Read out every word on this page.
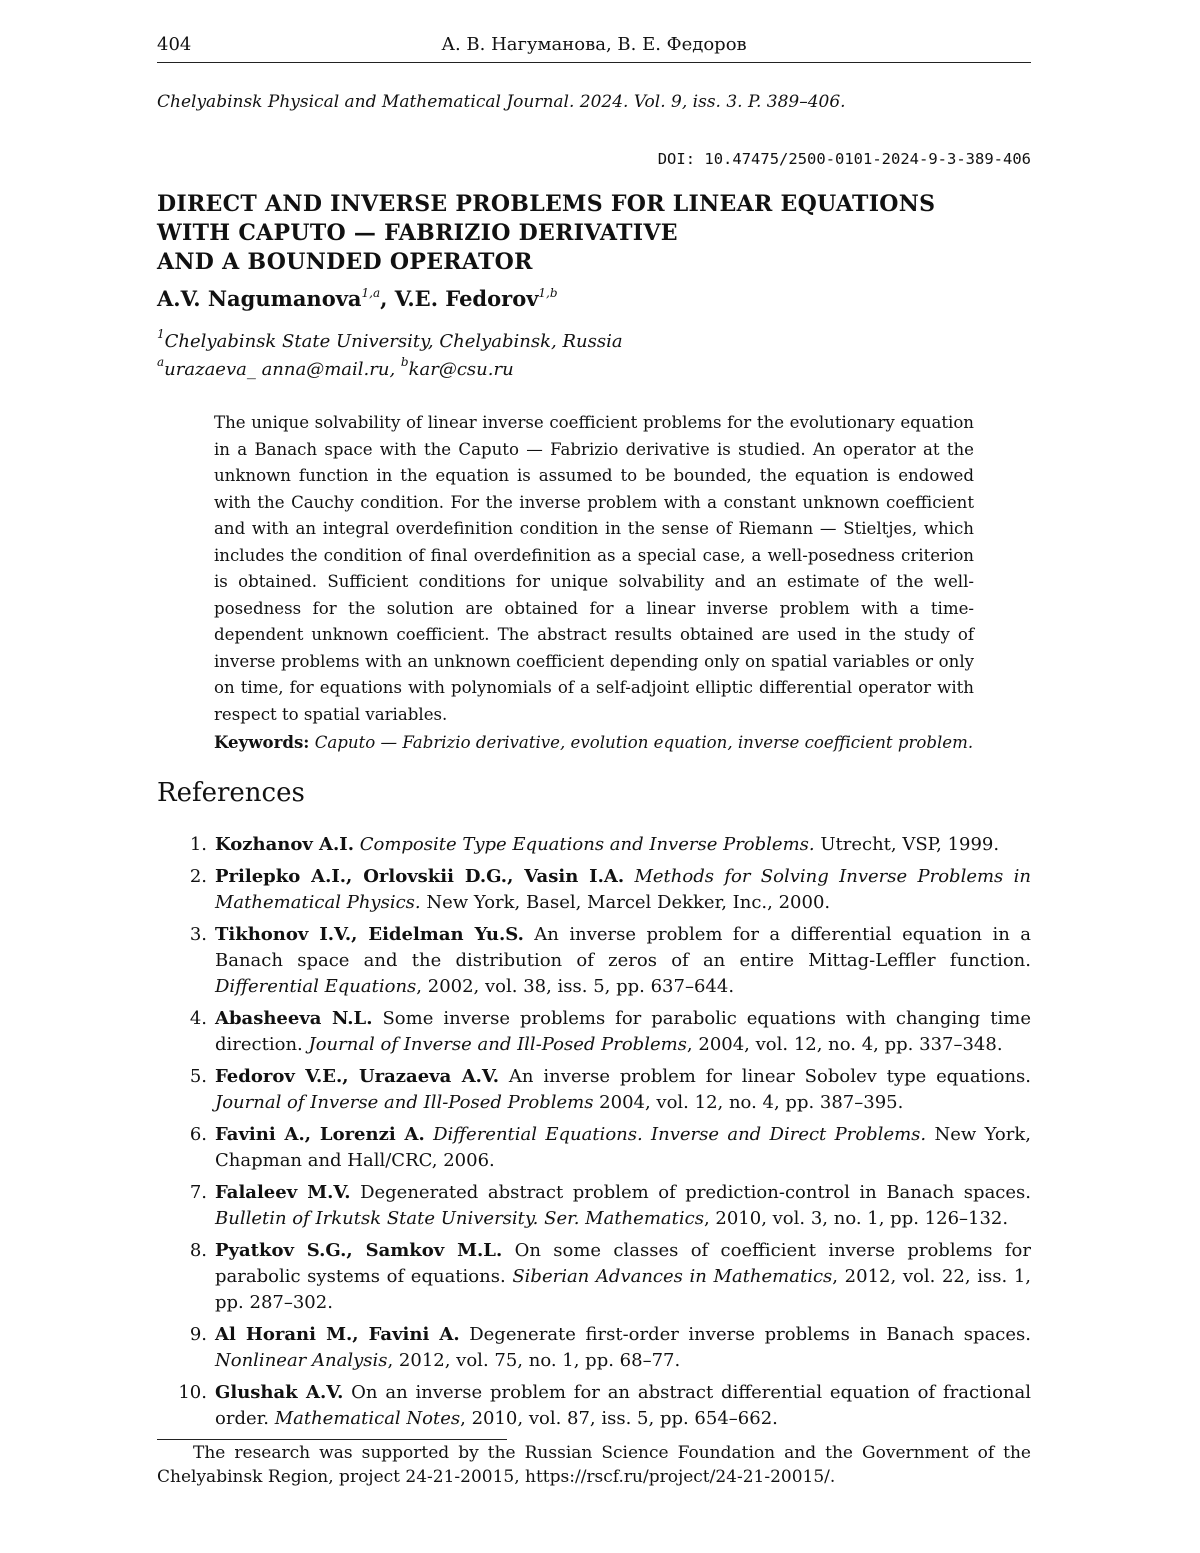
404	А. В. Нагуманова, В. Е. Федоров
Chelyabinsk Physical and Mathematical Journal. 2024. Vol. 9, iss. 3. P. 389–406.
DOI: 10.47475/2500-0101-2024-9-3-389-406
DIRECT AND INVERSE PROBLEMS FOR LINEAR EQUATIONS
WITH CAPUTO — FABRIZIO DERIVATIVE
AND A BOUNDED OPERATOR
A.V. Nagumanova$^{1,a}$, V.E. Fedorov$^{1,b}$
$^1$Chelyabinsk State University, Chelyabinsk, Russia
$^a$urazaeva_ anna@mail.ru, $^b$kar@csu.ru
The unique solvability of linear inverse coefficient problems for the evolutionary equation in a Banach space with the Caputo — Fabrizio derivative is studied. An operator at the unknown function in the equation is assumed to be bounded, the equation is endowed with the Cauchy condition. For the inverse problem with a constant unknown coefficient and with an integral overdefinition condition in the sense of Riemann — Stieltjes, which includes the condition of final overdefinition as a special case, a well-posedness criterion is obtained. Sufficient conditions for unique solvability and an estimate of the well-posedness for the solution are obtained for a linear inverse problem with a time-dependent unknown coefficient. The abstract results obtained are used in the study of inverse problems with an unknown coefficient depending only on spatial variables or only on time, for equations with polynomials of a self-adjoint elliptic differential operator with respect to spatial variables.
Keywords: Caputo — Fabrizio derivative, evolution equation, inverse coefficient problem.
References
1. Kozhanov A.I. Composite Type Equations and Inverse Problems. Utrecht, VSP, 1999.
2. Prilepko A.I., Orlovskii D.G., Vasin I.A. Methods for Solving Inverse Problems in Mathematical Physics. New York, Basel, Marcel Dekker, Inc., 2000.
3. Tikhonov I.V., Eidelman Yu.S. An inverse problem for a differential equation in a Banach space and the distribution of zeros of an entire Mittag-Leffler function. Differential Equations, 2002, vol. 38, iss. 5, pp. 637–644.
4. Abasheeva N.L. Some inverse problems for parabolic equations with changing time direction. Journal of Inverse and Ill-Posed Problems, 2004, vol. 12, no. 4, pp. 337–348.
5. Fedorov V.E., Urazaeva A.V. An inverse problem for linear Sobolev type equations. Journal of Inverse and Ill-Posed Problems 2004, vol. 12, no. 4, pp. 387–395.
6. Favini A., Lorenzi A. Differential Equations. Inverse and Direct Problems. New York, Chapman and Hall/CRC, 2006.
7. Falaleev M.V. Degenerated abstract problem of prediction-control in Banach spaces. Bulletin of Irkutsk State University. Ser. Mathematics, 2010, vol. 3, no. 1, pp. 126–132.
8. Pyatkov S.G., Samkov M.L. On some classes of coefficient inverse problems for parabolic systems of equations. Siberian Advances in Mathematics, 2012, vol. 22, iss. 1, pp. 287–302.
9. Al Horani M., Favini A. Degenerate first-order inverse problems in Banach spaces. Nonlinear Analysis, 2012, vol. 75, no. 1, pp. 68–77.
10. Glushak A.V. On an inverse problem for an abstract differential equation of fractional order. Mathematical Notes, 2010, vol. 87, iss. 5, pp. 654–662.
The research was supported by the Russian Science Foundation and the Government of the Chelyabinsk Region, project 24-21-20015, https://rscf.ru/project/24-21-20015/.
